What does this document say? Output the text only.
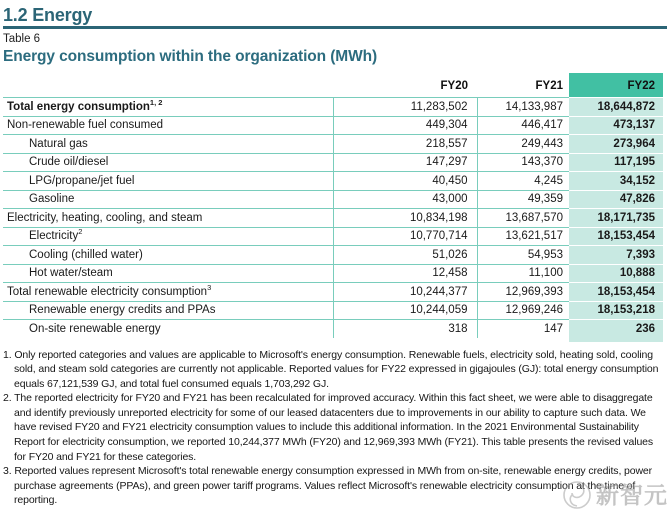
1.2 Energy
Table 6
Energy consumption within the organization (MWh)
	FY20	FY21	FY22
Total energy consumption$^{1, 2}$	11,283,502	14,133,987	18,644,872
Non-renewable fuel consumed	449,304	446,417	473,137
Natural gas	218,557	249,443	273,964
Crude oil/diesel	147,297	143,370	117,195
LPG/propane/jet fuel	40,450	4,245	34,152
Gasoline	43,000	49,359	47,826
Electricity, heating, cooling, and steam	10,834,198	13,687,570	18,171,735
Electricity$^2$	10,770,714	13,621,517	18,153,454
Cooling (chilled water)	51,026	54,953	7,393
Hot water/steam	12,458	11,100	10,888
Total renewable electricity consumption$^3$	10,244,377	12,969,393	18,153,454
Renewable energy credits and PPAs	10,244,059	12,969,246	18,153,218
On-site renewable energy	318	147	236

1. Only reported categories and values are applicable to Microsoft's energy consumption. Renewable fuels, electricity sold, heating sold, cooling sold, and steam sold categories are currently not applicable. Reported values for FY22 expressed in gigajoules (GJ): total energy consumption equals 67,121,539 GJ, and total fuel consumed equals 1,703,292 GJ.
2. The reported electricity for FY20 and FY21 has been recalculated for improved accuracy. Within this fact sheet, we were able to disaggregate and identify previously unreported electricity for some of our leased datacenters due to improvements in our ability to capture such data. We have revised FY20 and FY21 electricity consumption values to include this additional information. In the 2021 Environmental Sustainability Report for electricity consumption, we reported 10,244,377 MWh (FY20) and 12,969,393 MWh (FY21). This table presents the revised values for FY20 and FY21 for these categories.
3. Reported values represent Microsoft's total renewable energy consumption expressed in MWh from on-site, renewable energy credits, power purchase agreements (PPAs), and green power tariff programs. Values reflect Microsoft's renewable electricity consumption at the time of reporting.	新智元
